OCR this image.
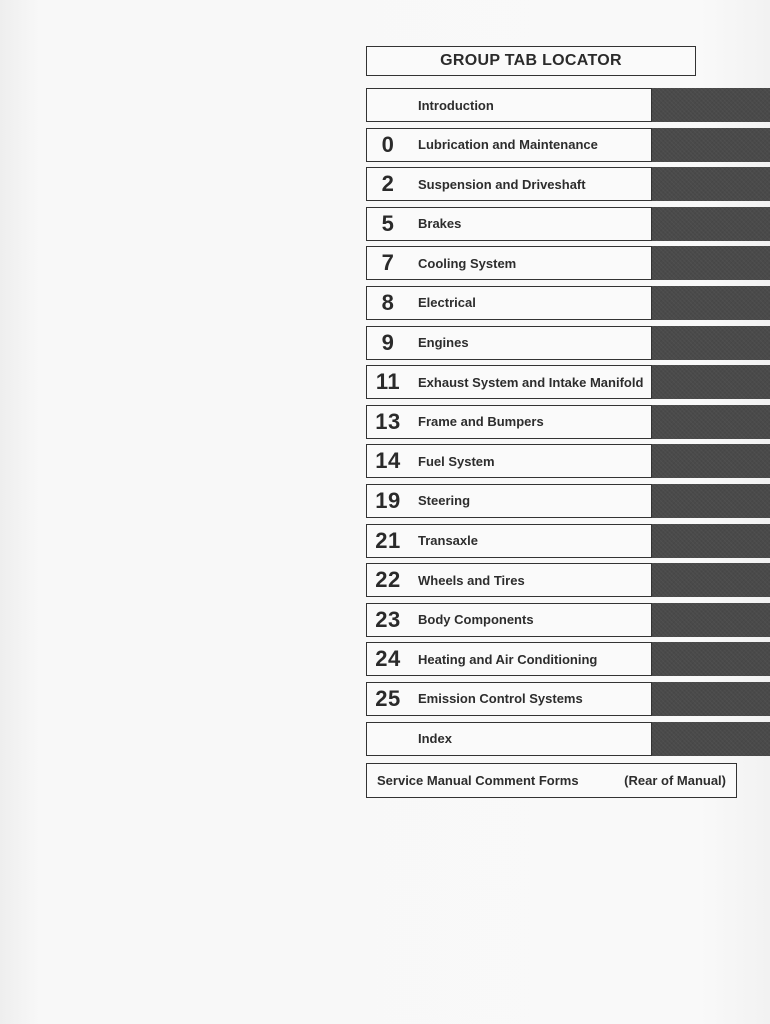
GROUP TAB LOCATOR
Introduction
0	Lubrication and Maintenance
2	Suspension and Driveshaft
5	Brakes
7	Cooling System
8	Electrical
9	Engines
11	Exhaust System and Intake Manifold
13	Frame and Bumpers
14	Fuel System
19	Steering
21	Transaxle
22	Wheels and Tires
23	Body Components
24	Heating and Air Conditioning
25	Emission Control Systems
Index
Service Manual Comment Forms	(Rear of Manual)
